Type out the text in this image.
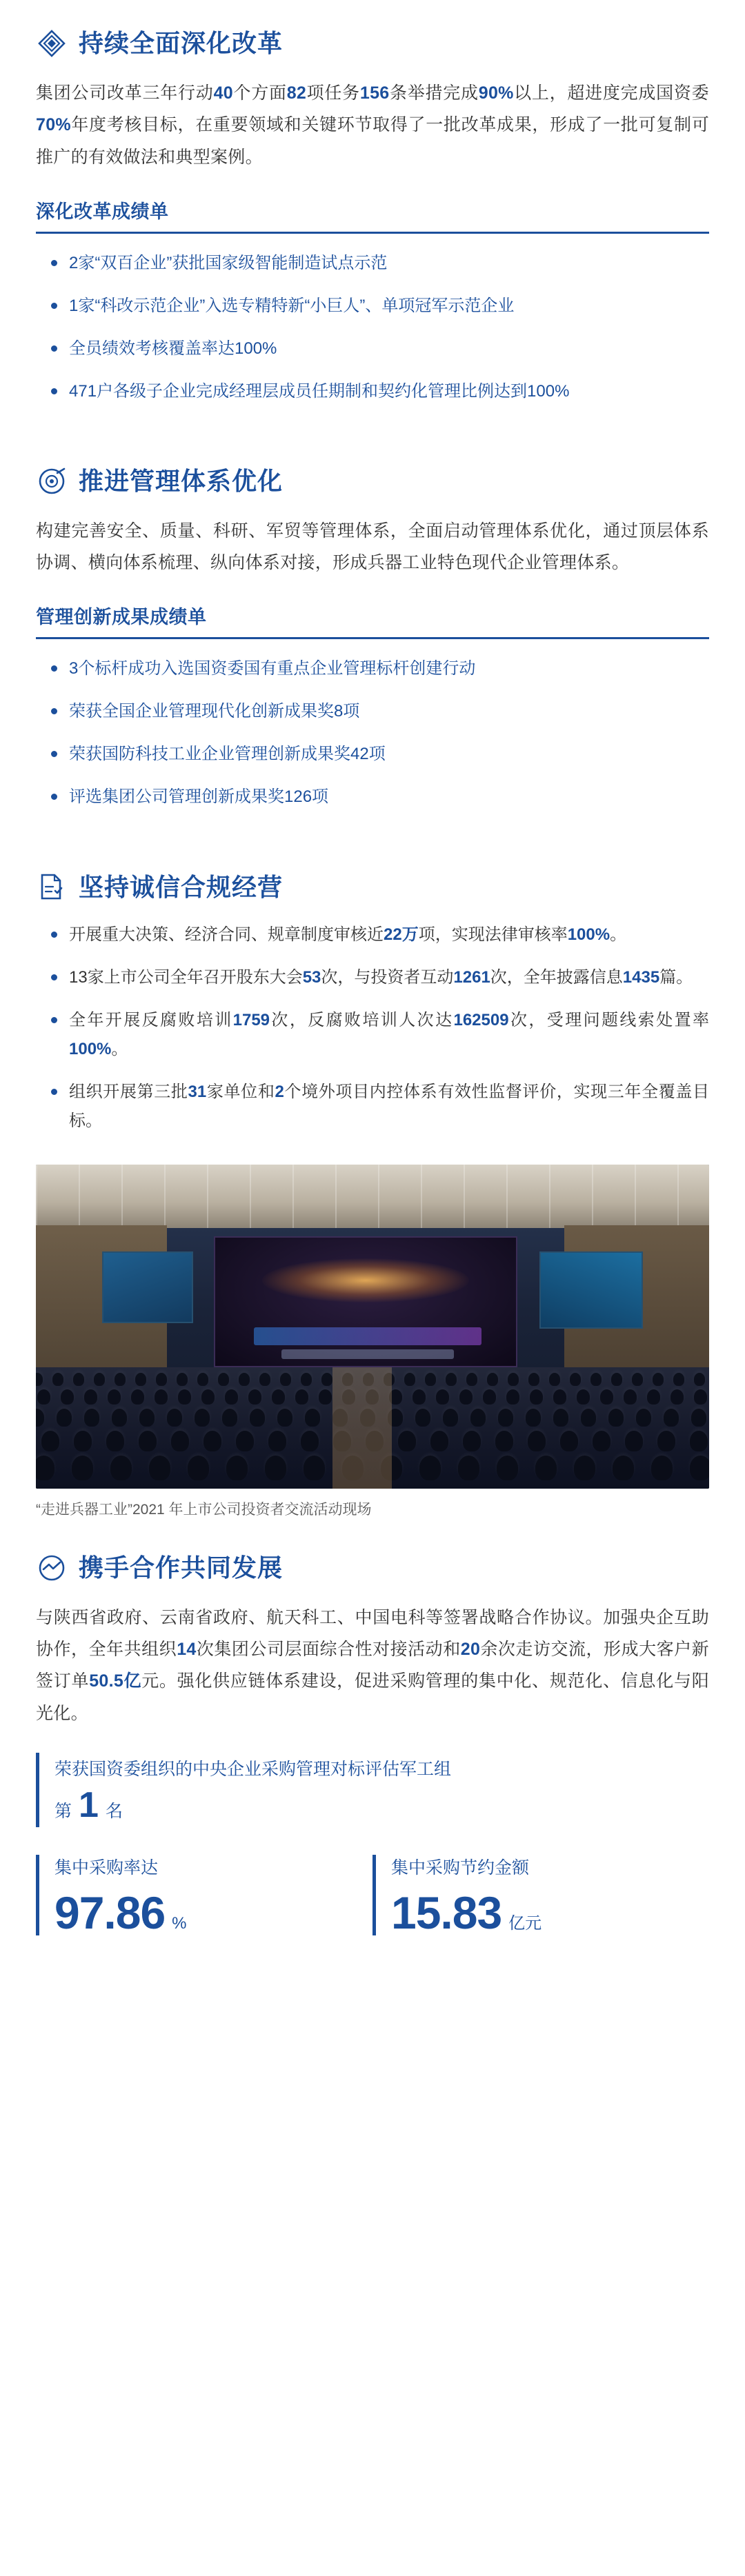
持续全面深化改革

集团公司改革三年行动40个方面82项任务156条举措完成90%以上，超进度完成国资委70%年度考核目标，在重要领域和关键环节取得了一批改革成果，形成了一批可复制可推广的有效做法和典型案例。

深化改革成绩单
2家“双百企业”获批国家级智能制造试点示范
1家“科改示范企业”入选专精特新“小巨人”、单项冠军示范企业
全员绩效考核覆盖率达100%
471户各级子企业完成经理层成员任期制和契约化管理比例达到100%
推进管理体系优化

构建完善安全、质量、科研、军贸等管理体系，全面启动管理体系优化，通过顶层体系协调、横向体系梳理、纵向体系对接，形成兵器工业特色现代企业管理体系。

管理创新成果成绩单
3个标杆成功入选国资委国有重点企业管理标杆创建行动
荣获全国企业管理现代化创新成果奖8项
荣获国防科技工业企业管理创新成果奖42项
评选集团公司管理创新成果奖126项
坚持诚信合规经营
开展重大决策、经济合同、规章制度审核近22万项，实现法律审核率100%。
13家上市公司全年召开股东大会53次，与投资者互动1261次，全年披露信息1435篇。
全年开展反腐败培训1759次，反腐败培训人次达162509次，受理问题线索处置率100%。
组织开展第三批31家单位和2个境外项目内控体系有效性监督评价，实现三年全覆盖目标。
“走进兵器工业”2021 年上市公司投资者交流活动现场
携手合作共同发展

与陕西省政府、云南省政府、航天科工、中国电科等签署战略合作协议。加强央企互助协作，全年共组织14次集团公司层面综合性对接活动和20余次走访交流，形成大客户新签订单50.5亿元。强化供应链体系建设，促进采购管理的集中化、规范化、信息化与阳光化。

荣获国资委组织的中央企业采购管理对标评估军工组
第 1 名
集中采购率达
97.86 %
集中采购节约金额
15.83 亿元
